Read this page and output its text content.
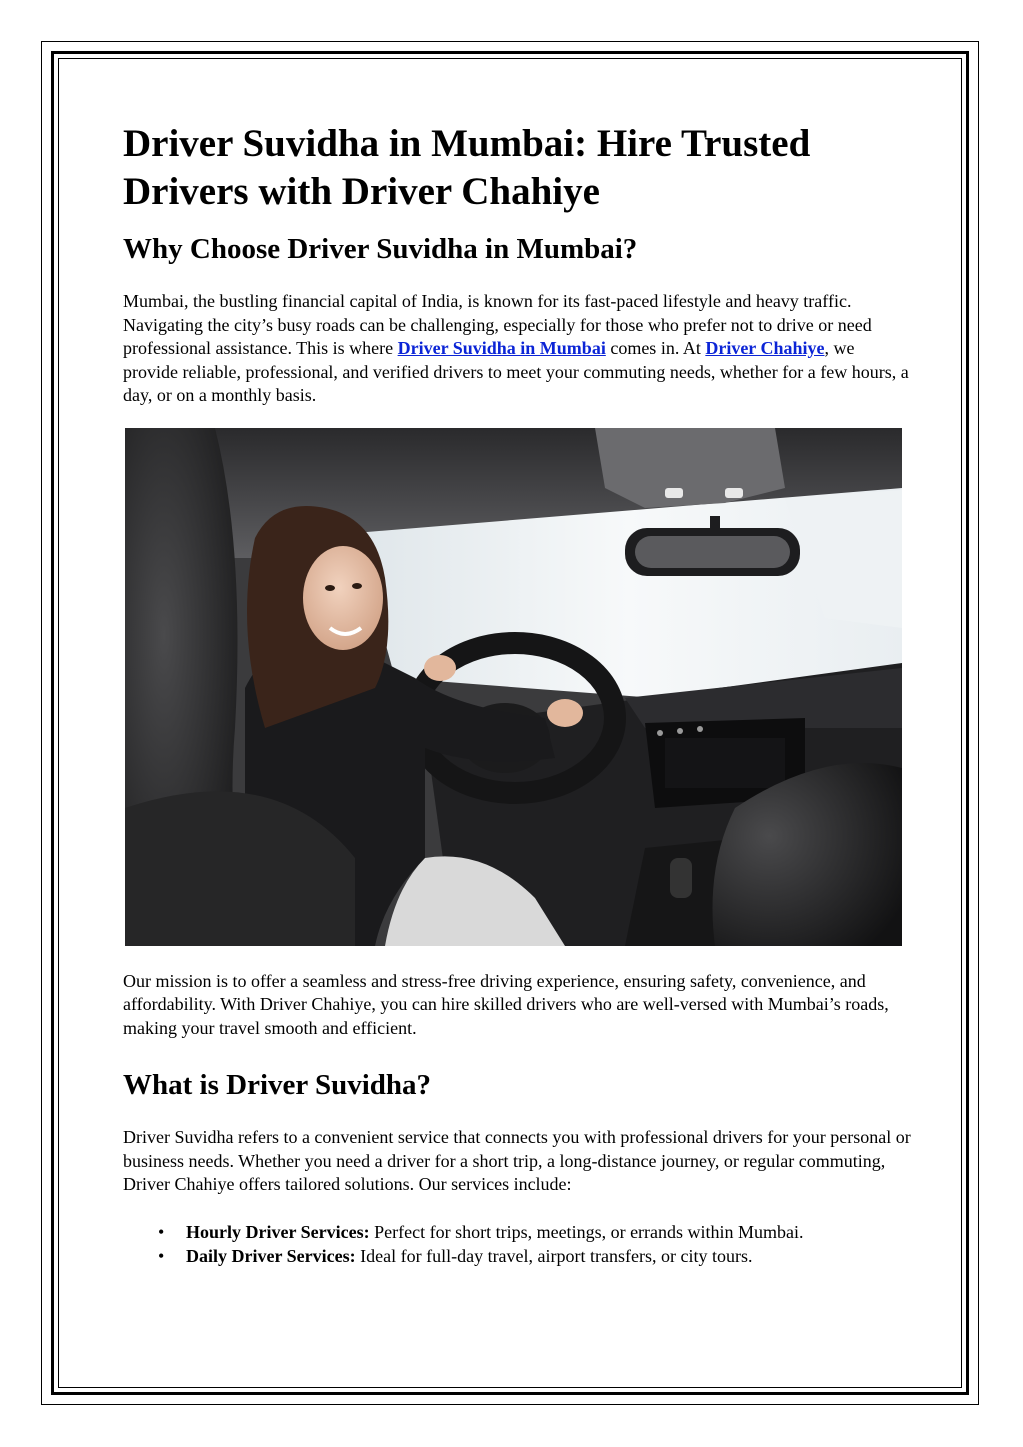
Driver Suvidha in Mumbai: Hire Trusted Drivers with Driver Chahiye
Why Choose Driver Suvidha in Mumbai?

Mumbai, the bustling financial capital of India, is known for its fast-paced lifestyle and heavy traffic. Navigating the city’s busy roads can be challenging, especially for those who prefer not to drive or need professional assistance. This is where Driver Suvidha in Mumbai comes in. At Driver Chahiye, we provide reliable, professional, and verified drivers to meet your commuting needs, whether for a few hours, a day, or on a monthly basis.

Our mission is to offer a seamless and stress-free driving experience, ensuring safety, convenience, and affordability. With Driver Chahiye, you can hire skilled drivers who are well-versed with Mumbai’s roads, making your travel smooth and efficient.

What is Driver Suvidha?

Driver Suvidha refers to a convenient service that connects you with professional drivers for your personal or business needs. Whether you need a driver for a short trip, a long-distance journey, or regular commuting, Driver Chahiye offers tailored solutions. Our services include:

• Hourly Driver Services: Perfect for short trips, meetings, or errands within Mumbai.
• Daily Driver Services: Ideal for full-day travel, airport transfers, or city tours.
